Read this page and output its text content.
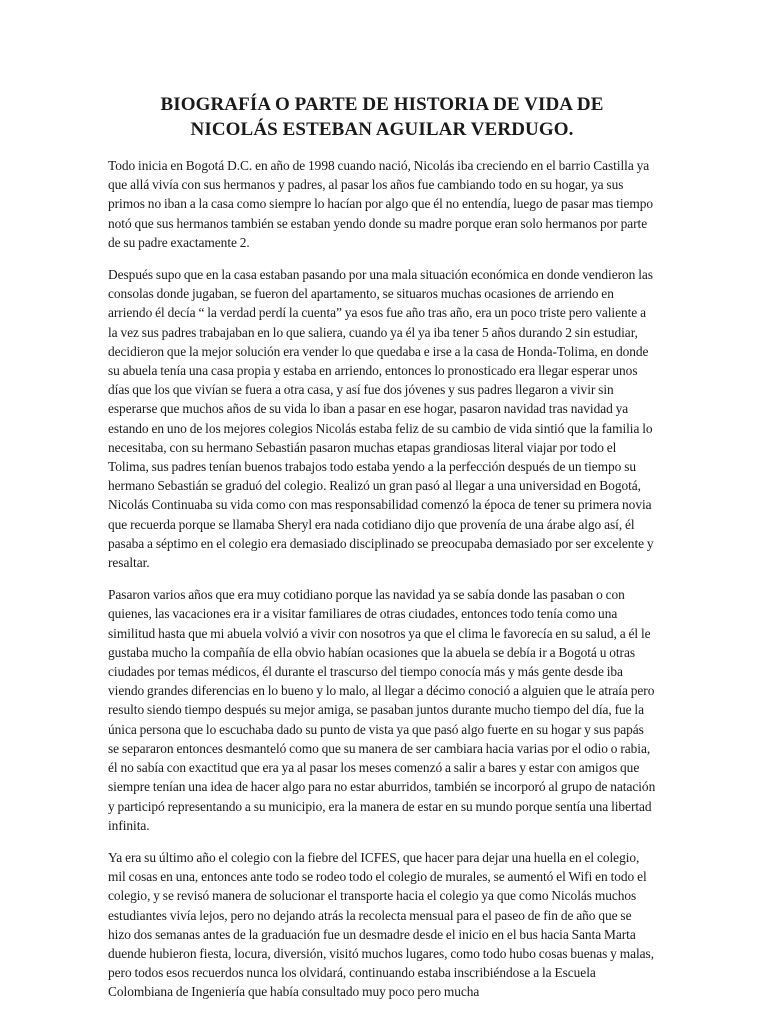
BIOGRAFÍA O PARTE DE HISTORIA DE VIDA DE
NICOLÁS ESTEBAN AGUILAR VERDUGO.

Todo inicia en Bogotá D.C. en año de 1998 cuando nació, Nicolás iba creciendo en el barrio Castilla ya que allá vivía con sus hermanos y padres, al pasar los años fue cambiando todo en su hogar, ya sus primos no iban a la casa como siempre lo hacían por algo que él no entendía, luego de pasar mas tiempo notó que sus hermanos también se estaban yendo donde su madre porque eran solo hermanos por parte de su padre exactamente 2.

Después supo que en la casa estaban pasando por una mala situación económica en donde vendieron las consolas donde jugaban, se fueron del apartamento, se situaros muchas ocasiones de arriendo en arriendo él decía “ la verdad perdí la cuenta” ya esos fue año tras año, era un poco triste pero valiente a la vez sus padres trabajaban en lo que saliera, cuando ya él ya iba tener 5 años durando 2 sin estudiar, decidieron que la mejor solución era vender lo que quedaba e irse a la casa de Honda-Tolima, en donde su abuela tenía una casa propia y estaba en arriendo, entonces lo pronosticado era llegar esperar unos días que los que vivían se fuera a otra casa, y así fue dos jóvenes y sus padres llegaron a vivir sin esperarse que muchos años de su vida lo iban a pasar en ese hogar, pasaron navidad tras navidad ya estando en uno de los mejores colegios Nicolás estaba feliz de su cambio de vida sintió que la familia lo necesitaba, con su hermano Sebastián pasaron muchas etapas grandiosas literal viajar por todo el Tolima, sus padres tenían buenos trabajos todo estaba yendo a la perfección después de un tiempo su hermano Sebastián se graduó del colegio. Realizó un gran pasó al llegar a una universidad en Bogotá, Nicolás Continuaba su vida como con mas responsabilidad comenzó la época de tener su primera novia que recuerda porque se llamaba Sheryl era nada cotidiano dijo que provenía de una árabe algo así, él pasaba a séptimo en el colegio era demasiado disciplinado se preocupaba demasiado por ser excelente y resaltar.

Pasaron varios años que era muy cotidiano porque las navidad ya se sabía donde las pasaban o con quienes, las vacaciones era ir a visitar familiares de otras ciudades, entonces todo tenía como una similitud hasta que mi abuela volvió a vivir con nosotros ya que el clima le favorecía en su salud, a él le gustaba mucho la compañía de ella obvio habían ocasiones que la abuela se debía ir a Bogotá u otras ciudades por temas médicos, él durante el trascurso del tiempo conocía más y más gente desde iba viendo grandes diferencias en lo bueno y lo malo, al llegar a décimo conoció a alguien que le atraía pero resulto siendo tiempo después su mejor amiga, se pasaban juntos durante mucho tiempo del día, fue la única persona que lo escuchaba dado su punto de vista ya que pasó algo fuerte en su hogar y sus papás se separaron entonces desmanteló como que su manera de ser cambiara hacia varias por el odio o rabia, él no sabía con exactitud que era ya al pasar los meses comenzó a salir a bares y estar con amigos que siempre tenían una idea de hacer algo para no estar aburridos, también se incorporó al grupo de natación y participó representando a su municipio, era la manera de estar en su mundo porque sentía una libertad infinita.

Ya era su último año el colegio con la fiebre del ICFES, que hacer para dejar una huella en el colegio, mil cosas en una, entonces ante todo se rodeo todo el colegio de murales, se aumentó el Wifi en todo el colegio, y se revisó manera de solucionar el transporte hacia el colegio ya que como Nicolás muchos estudiantes vivía lejos, pero no dejando atrás la recolecta mensual para el paseo de fin de año que se hizo dos semanas antes de la graduación fue un desmadre desde el inicio en el bus hacia Santa Marta duende hubieron fiesta, locura, diversión, visitó muchos lugares, como todo hubo cosas buenas y malas, pero todos esos recuerdos nunca los olvidará, continuando estaba inscribiéndose a la Escuela Colombiana de Ingeniería que había consultado muy poco pero mucha
